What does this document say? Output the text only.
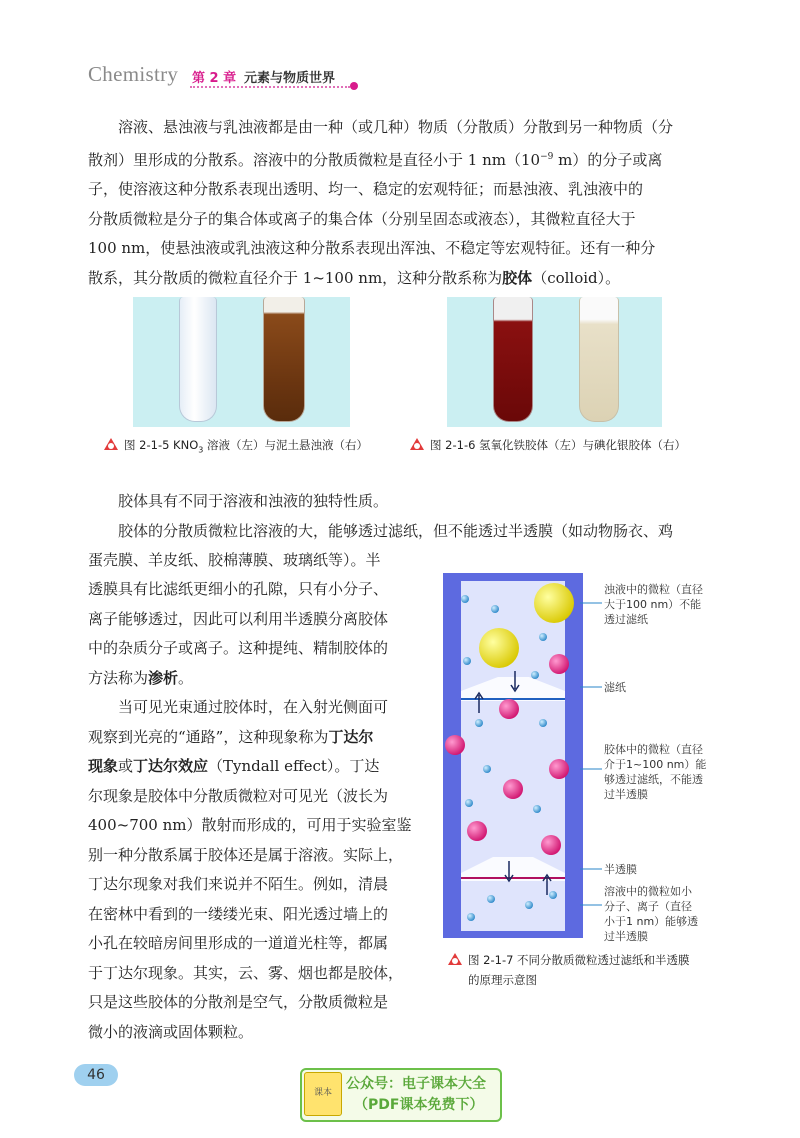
Chemistry 第 2 章 元素与物质世界
溶液、悬浊液与乳浊液都是由一种（或几种）物质（分散质）分散到另一种物质（分
散剂）里形成的分散系。溶液中的分散质微粒是直径小于 1 $nm(10^{-9}$ m）的分子或离
子，使溶液这种分散系表现出透明、均一、稳定的宏观特征；而悬浊液、乳浊液中的
分散质微粒是分子的集合体或离子的集合体（分别呈固态或液态），其微粒直径大于
100 nm，使悬浊液或乳浊液这种分散系表现出浑浊、不稳定等宏观特征。还有一种分
散系，其分散质的微粒直径介于 1~100 nm，这种分散系称为胶体（colloid）。
图 2-1-5 $KNO_3$ 溶液（左）与泥土悬浊液（右）	图 2-1-6 氢氧化铁胶体（左）与碘化银胶体（右）
胶体具有不同于溶液和浊液的独特性质。
胶体的分散质微粒比溶液的大，能够透过滤纸，但不能透过半透膜（如动物肠衣、鸡
蛋壳膜、羊皮纸、胶棉薄膜、玻璃纸等）。半
透膜具有比滤纸更细小的孔隙，只有小分子、
离子能够透过，因此可以利用半透膜分离胶体
中的杂质分子或离子。这种提纯、精制胶体的
方法称为渗析。
当可见光束通过胶体时，在入射光侧面可
观察到光亮的“通路”，这种现象称为丁达尔
现象或丁达尔效应（Tyndall effect）。丁达
尔现象是胶体中分散质微粒对可见光（波长为
400~700 nm）散射而形成的，可用于实验室鉴
别一种分散系属于胶体还是属于溶液。实际上，
丁达尔现象对我们来说并不陌生。例如，清晨
在密林中看到的一缕缕光束、阳光透过墙上的
小孔在较暗房间里形成的一道道光柱等，都属
于丁达尔现象。其实，云、雾、烟也都是胶体，
只是这些胶体的分散剂是空气，分散质微粒是
微小的液滴或固体颗粒。
浊液中的微粒（直径
大于100 nm）不能
透过滤纸
滤纸
胶体中的微粒（直径
介于1~100 nm）能
够透过滤纸，不能透
过半透膜
半透膜
溶液中的微粒如小
分子、离子（直径
小于1 nm）能够透
过半透膜
图 2-1-7 不同分散质微粒透过滤纸和半透膜
的原理示意图
46
课本
公众号：电子课本大全
（PDF课本免费下）
